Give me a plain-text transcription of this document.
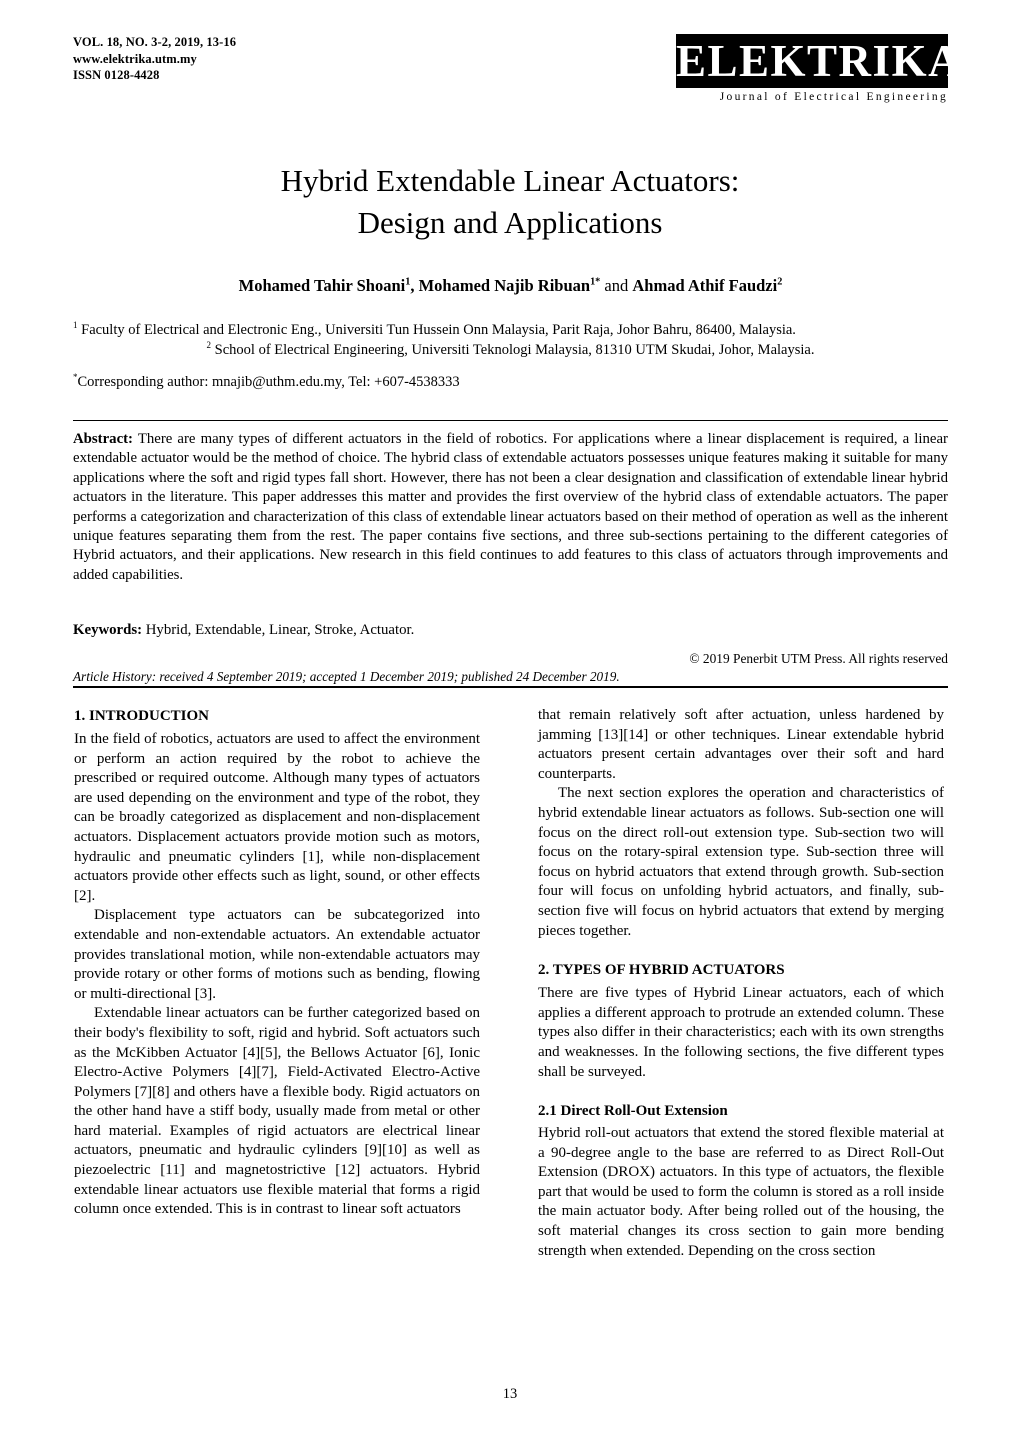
VOL. 18, NO. 3-2, 2019, 13-16
www.elektrika.utm.my
ISSN 0128-4428	ELEKTRIKA
Journal of Electrical Engineering
Hybrid Extendable Linear Actuators:
Design and Applications
Mohamed Tahir Shoani$^1$, Mohamed Najib Ribuan$^{1*}$ and Ahmad Athif Faudzi$^2$
$^1$ Faculty of Electrical and Electronic Eng., Universiti Tun Hussein Onn Malaysia, Parit Raja, Johor Bahru, 86400, Malaysia.
$^2$ School of Electrical Engineering, Universiti Teknologi Malaysia, 81310 UTM Skudai, Johor, Malaysia.
*Corresponding author: mnajib@uthm.edu.my, Tel: +607-4538333
Abstract: There are many types of different actuators in the field of robotics. For applications where a linear displacement is required, a linear extendable actuator would be the method of choice. The hybrid class of extendable actuators possesses unique features making it suitable for many applications where the soft and rigid types fall short. However, there has not been a clear designation and classification of extendable linear hybrid actuators in the literature. This paper addresses this matter and provides the first overview of the hybrid class of extendable actuators. The paper performs a categorization and characterization of this class of extendable linear actuators based on their method of operation as well as the inherent unique features separating them from the rest. The paper contains five sections, and three sub-sections pertaining to the different categories of Hybrid actuators, and their applications. New research in this field continues to add features to this class of actuators through improvements and added capabilities.
Keywords: Hybrid, Extendable, Linear, Stroke, Actuator.
© 2019 Penerbit UTM Press. All rights reserved
Article History: received 4 September 2019; accepted 1 December 2019; published 24 December 2019.
1. INTRODUCTION

In the field of robotics, actuators are used to affect the environment or perform an action required by the robot to achieve the prescribed or required outcome. Although many types of actuators are used depending on the environment and type of the robot, they can be broadly categorized as displacement and non-displacement actuators. Displacement actuators provide motion such as motors, hydraulic and pneumatic cylinders [1], while non-displacement actuators provide other effects such as light, sound, or other effects [2].

Displacement type actuators can be subcategorized into extendable and non-extendable actuators. An extendable actuator provides translational motion, while non-extendable actuators may provide rotary or other forms of motions such as bending, flowing or multi-directional [3].

Extendable linear actuators can be further categorized based on their body's flexibility to soft, rigid and hybrid. Soft actuators such as the McKibben Actuator [4][5], the Bellows Actuator [6], Ionic Electro-Active Polymers [4][7], Field-Activated Electro-Active Polymers [7][8] and others have a flexible body. Rigid actuators on the other hand have a stiff body, usually made from metal or other hard material. Examples of rigid actuators are electrical linear actuators, pneumatic and hydraulic cylinders [9][10] as well as piezoelectric [11] and magnetostrictive [12] actuators. Hybrid extendable linear actuators use flexible material that forms a rigid column once extended. This is in contrast to linear soft actuators

that remain relatively soft after actuation, unless hardened by jamming [13][14] or other techniques. Linear extendable hybrid actuators present certain advantages over their soft and hard counterparts.

The next section explores the operation and characteristics of hybrid extendable linear actuators as follows. Sub-section one will focus on the direct roll-out extension type. Sub-section two will focus on the rotary-spiral extension type. Sub-section three will focus on hybrid actuators that extend through growth. Sub-section four will focus on unfolding hybrid actuators, and finally, sub-section five will focus on hybrid actuators that extend by merging pieces together.

2. TYPES OF HYBRID ACTUATORS

There are five types of Hybrid Linear actuators, each of which applies a different approach to protrude an extended column. These types also differ in their characteristics; each with its own strengths and weaknesses. In the following sections, the five different types shall be surveyed.

2.1 Direct Roll-Out Extension

Hybrid roll-out actuators that extend the stored flexible material at a 90-degree angle to the base are referred to as Direct Roll-Out Extension (DROX) actuators. In this type of actuators, the flexible part that would be used to form the column is stored as a roll inside the main actuator body. After being rolled out of the housing, the soft material changes its cross section to gain more bending strength when extended. Depending on the cross section

13
